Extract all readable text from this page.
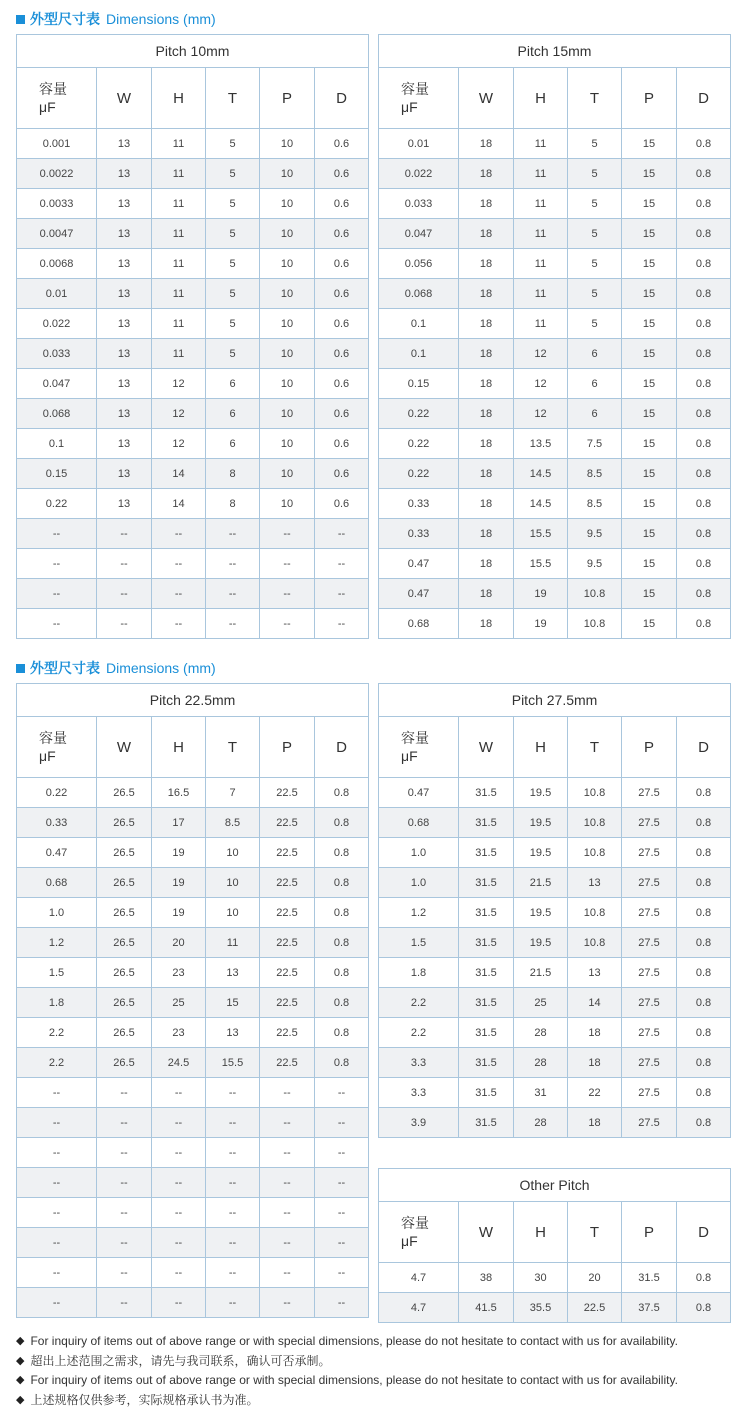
外型尺寸表 Dimensions (mm)
Pitch 10mm					
容量
μF	W	H	T	P	D
0.001	13	11	5	10	0.6
0.0022	13	11	5	10	0.6
0.0033	13	11	5	10	0.6
0.0047	13	11	5	10	0.6
0.0068	13	11	5	10	0.6
0.01	13	11	5	10	0.6
0.022	13	11	5	10	0.6
0.033	13	11	5	10	0.6
0.047	13	12	6	10	0.6
0.068	13	12	6	10	0.6
0.1	13	12	6	10	0.6
0.15	13	14	8	10	0.6
0.22	13	14	8	10	0.6
--	--	--	--	--	--
--	--	--	--	--	--
--	--	--	--	--	--
--	--	--	--	--	--
Pitch 15mm					
容量
μF	W	H	T	P	D
0.01	18	11	5	15	0.8
0.022	18	11	5	15	0.8
0.033	18	11	5	15	0.8
0.047	18	11	5	15	0.8
0.056	18	11	5	15	0.8
0.068	18	11	5	15	0.8
0.1	18	11	5	15	0.8
0.1	18	12	6	15	0.8
0.15	18	12	6	15	0.8
0.22	18	12	6	15	0.8
0.22	18	13.5	7.5	15	0.8
0.22	18	14.5	8.5	15	0.8
0.33	18	14.5	8.5	15	0.8
0.33	18	15.5	9.5	15	0.8
0.47	18	15.5	9.5	15	0.8
0.47	18	19	10.8	15	0.8
0.68	18	19	10.8	15	0.8
外型尺寸表 Dimensions (mm)
Pitch 22.5mm					
容量
μF	W	H	T	P	D
0.22	26.5	16.5	7	22.5	0.8
0.33	26.5	17	8.5	22.5	0.8
0.47	26.5	19	10	22.5	0.8
0.68	26.5	19	10	22.5	0.8
1.0	26.5	19	10	22.5	0.8
1.2	26.5	20	11	22.5	0.8
1.5	26.5	23	13	22.5	0.8
1.8	26.5	25	15	22.5	0.8
2.2	26.5	23	13	22.5	0.8
2.2	26.5	24.5	15.5	22.5	0.8
--	--	--	--	--	--
--	--	--	--	--	--
--	--	--	--	--	--
--	--	--	--	--	--
--	--	--	--	--	--
--	--	--	--	--	--
--	--	--	--	--	--
--	--	--	--	--	--
Pitch 27.5mm					
容量
μF	W	H	T	P	D
0.47	31.5	19.5	10.8	27.5	0.8
0.68	31.5	19.5	10.8	27.5	0.8
1.0	31.5	19.5	10.8	27.5	0.8
1.0	31.5	21.5	13	27.5	0.8
1.2	31.5	19.5	10.8	27.5	0.8
1.5	31.5	19.5	10.8	27.5	0.8
1.8	31.5	21.5	13	27.5	0.8
2.2	31.5	25	14	27.5	0.8
2.2	31.5	28	18	27.5	0.8
3.3	31.5	28	18	27.5	0.8
3.3	31.5	31	22	27.5	0.8
3.9	31.5	28	18	27.5	0.8
Other Pitch					
容量
μF	W	H	T	P	D
4.7	38	30	20	31.5	0.8
4.7	41.5	35.5	22.5	37.5	0.8
◆ For inquiry of items out of above range or with special dimensions, please do not hesitate to contact with us for availability.
◆ 超出上述范围之需求，请先与我司联系，确认可否承制。
◆ For inquiry of items out of above range or with special dimensions, please do not hesitate to contact with us for availability.
◆ 上述规格仅供参考，实际规格承认书为准。
